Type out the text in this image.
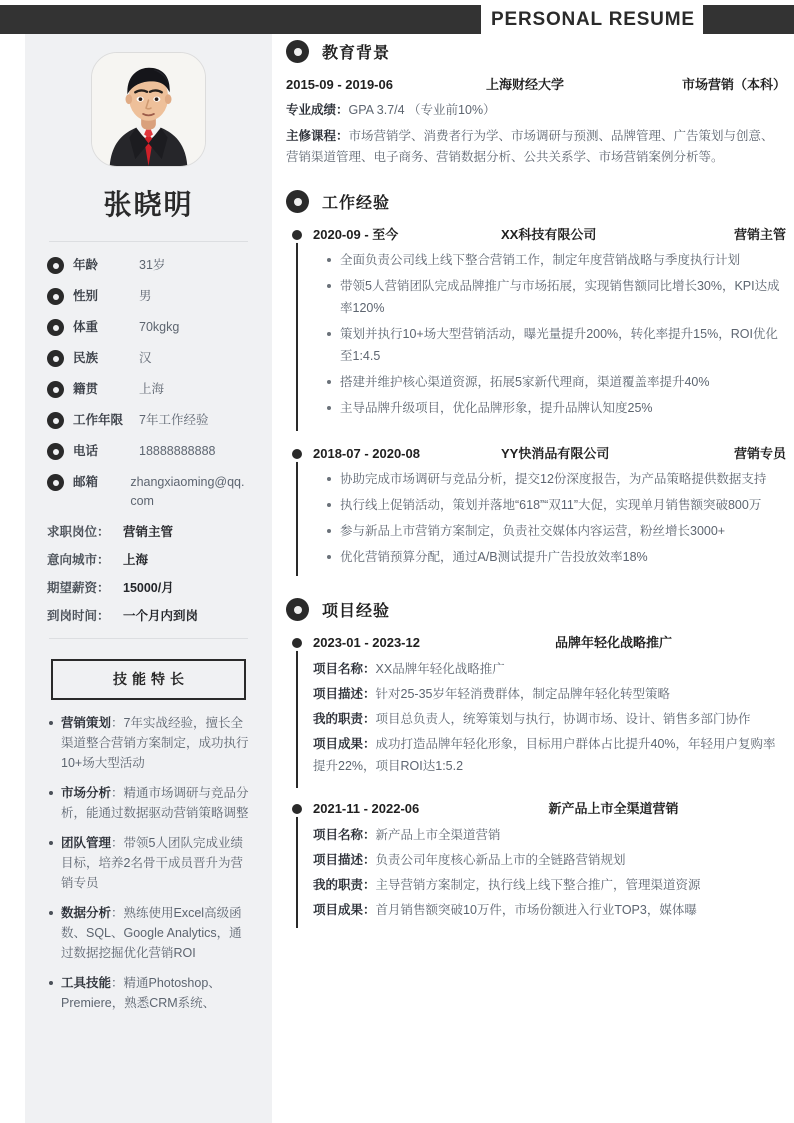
PERSONAL RESUME
张晓明
年龄	31岁
性别	男
体重	70kgkg
民族	汉
籍贯	上海
工作年限	7年工作经验
电话	18888888888
邮箱	zhangxiaoming@qq.com
求职岗位：	营销主管
意向城市：	上海
期望薪资：	15000/月
到岗时间：	一个月内到岗
技能特长
营销策划：7年实战经验，擅长全渠道整合营销方案制定，成功执行10+场大型活动
市场分析：精通市场调研与竞品分析，能通过数据驱动营销策略调整
团队管理：带领5人团队完成业绩目标，培养2名骨干成员晋升为营销专员
数据分析：熟练使用Excel高级函数、SQL、Google Analytics，通过数据挖掘优化营销ROI
工具技能：精通Photoshop、Premiere，熟悉CRM系统、
教育背景
2015-09 - 2019-06	上海财经大学	市场营销（本科）
专业成绩：GPA 3.7/4 （专业前10%）
主修课程：市场营销学、消费者行为学、市场调研与预测、品牌管理、广告策划与创意、营销渠道管理、电子商务、营销数据分析、公共关系学、市场营销案例分析等。
工作经验
2020-09 - 至今	XX科技有限公司	营销主管
全面负责公司线上线下整合营销工作，制定年度营销战略与季度执行计划
带领5人营销团队完成品牌推广与市场拓展，实现销售额同比增长30%，KPI达成率120%
策划并执行10+场大型营销活动，曝光量提升200%，转化率提升15%，ROI优化至1:4.5
搭建并维护核心渠道资源，拓展5家新代理商，渠道覆盖率提升40%
主导品牌升级项目，优化品牌形象，提升品牌认知度25%
2018-07 - 2020-08	YY快消品有限公司	营销专员
协助完成市场调研与竞品分析，提交12份深度报告，为产品策略提供数据支持
执行线上促销活动，策划并落地“618”“双11”大促，实现单月销售额突破800万
参与新品上市营销方案制定，负责社交媒体内容运营，粉丝增长3000+
优化营销预算分配，通过A/B测试提升广告投放效率18%
项目经验
2023-01 - 2023-12	品牌年轻化战略推广
项目名称：XX品牌年轻化战略推广
项目描述：针对25-35岁年轻消费群体，制定品牌年轻化转型策略
我的职责：项目总负责人，统筹策划与执行，协调市场、设计、销售多部门协作
项目成果：成功打造品牌年轻化形象，目标用户群体占比提升40%，年轻用户复购率提升22%，项目ROI达1:5.2
2021-11 - 2022-06	新产品上市全渠道营销
项目名称：新产品上市全渠道营销
项目描述：负责公司年度核心新品上市的全链路营销规划
我的职责：主导营销方案制定，执行线上线下整合推广，管理渠道资源
项目成果：首月销售额突破10万件，市场份额进入行业TOP3，媒体曝
